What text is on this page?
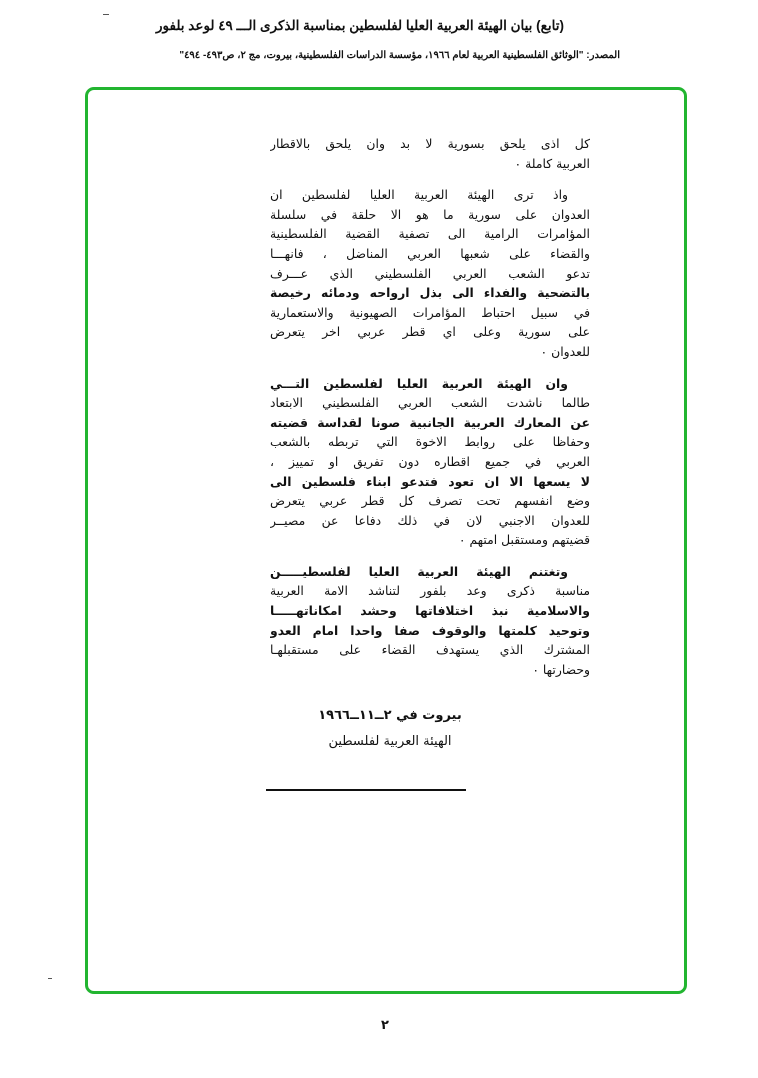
(تابع) بيان الهيئة العربية العليا لفلسطين بمناسبة الذكرى الـــ ٤٩ لوعد بلفور
المصدر: "الوثائق الفلسطينية العربية لعام ١٩٦٦، مؤسسة الدراسات الفلسطينية، بيروت، مج ٢، ص٤٩٣- ٤٩٤"
كل اذى يلحق بسورية لا بد وان يلحق بالاقطار
العربية كاملة ٠
واذ ترى الهيئة العربية العليا لفلسطين ان
العدوان على سورية ما هو الا حلقة في سلسلة
المؤامرات الرامية الى تصفية القضية الفلسطينية
والقضاء على شعبها العربي المناضل ، فانهـــا
تدعو الشعب العربي الفلسطيني الذي عـــرف
بالتضحية والفداء الى بذل ارواحه ودمائه رخيصة
في سبيل احتباط المؤامرات الصهيونية والاستعمارية
على سورية وعلى اي قطر عربي اخر يتعرض
للعدوان ٠
وان الهيئة العربية العليا لفلسطين التـــي
طالما ناشدت الشعب العربي الفلسطيني الابتعاد
عن المعارك العربية الجانبية صونا لقداسة قضيته
وحفاظا على روابط الاخوة التي تربطه بالشعب
العربي في جميع اقطاره دون تفريق او تمييز ،
لا يسعها الا ان تعود فتدعو ابناء فلسطين الى
وضع انفسهم تحت تصرف كل قطر عربي يتعرض
للعدوان الاجنبي لان في ذلك دفاعا عن مصيــر
قضيتهم ومستقبل امتهم ٠
وتغتنم الهيئة العربية العليا لفلسطيـــــن
مناسبة ذكرى وعد بلفور لتناشد الامة العربية
والاسلامية نبذ اختلافاتها وحشد امكاناتهـــــا
وتوحيد كلمتها والوقوف صفا واحدا امام العدو
المشترك الذي يستهدف القضاء على مستقبلهـا
وحضارتها ٠
بيروت في ٢ــ١١ــ١٩٦٦
الهيئة العربية لفلسطين
٢
